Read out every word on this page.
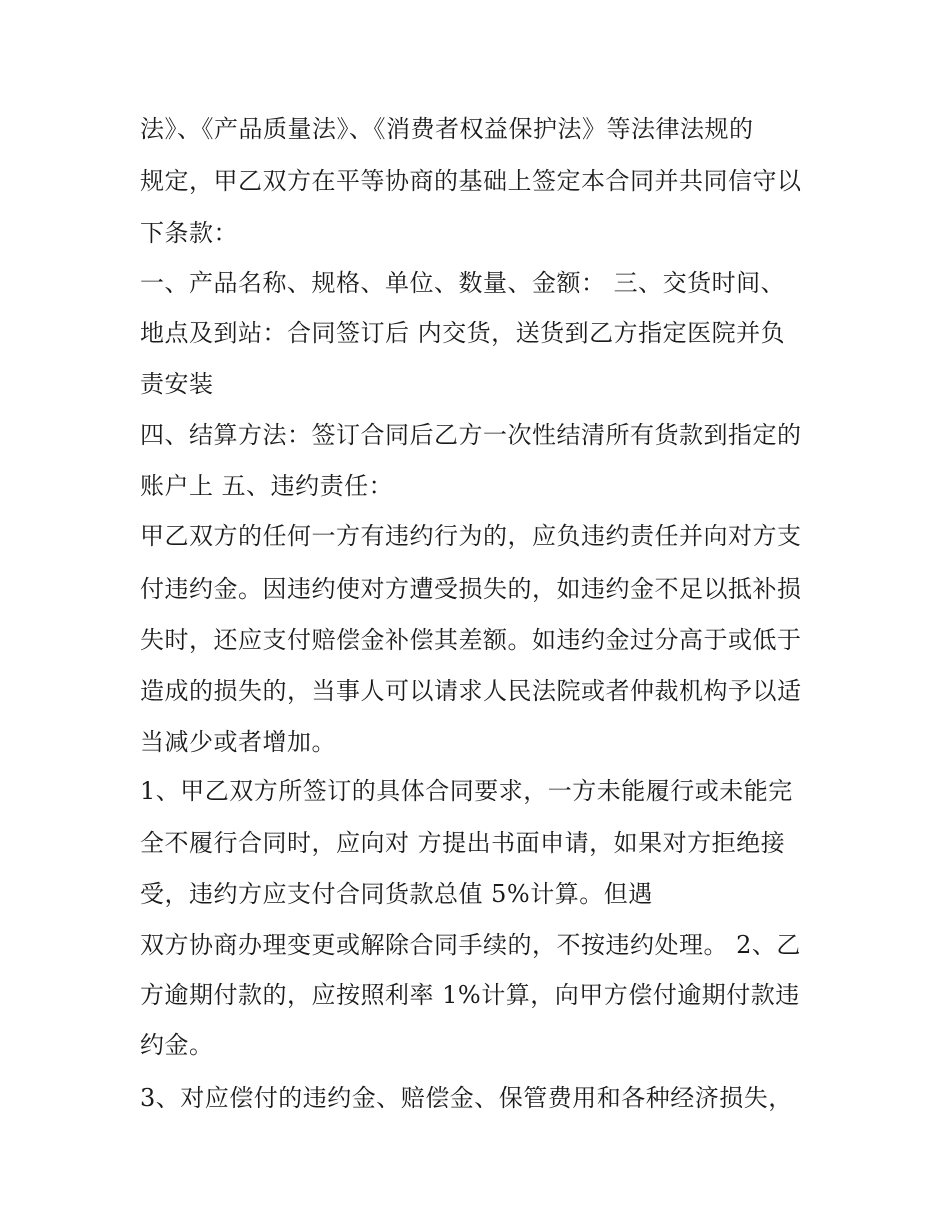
法》、《产品质量法》、《消费者权益保护法》等法律法规的
规定，甲乙双方在平等协商的基础上签定本合同并共同信守以
下条款：
一、产品名称、规格、单位、数量、金额： 三、交货时间、
地点及到站：合同签订后 内交货，送货到乙方指定医院并负
责安装
四、结算方法：签订合同后乙方一次性结清所有货款到指定的
账户上 五、违约责任：
甲乙双方的任何一方有违约行为的，应负违约责任并向对方支
付违约金。因违约使对方遭受损失的，如违约金不足以抵补损
失时，还应支付赔偿金补偿其差额。如违约金过分高于或低于
造成的损失的，当事人可以请求人民法院或者仲裁机构予以适
当减少或者增加。
1、甲乙双方所签订的具体合同要求，一方未能履行或未能完
全不履行合同时，应向对 方提出书面申请，如果对方拒绝接
受，违约方应支付合同货款总值 5%计算。但遇
双方协商办理变更或解除合同手续的，不按违约处理。 2、乙
方逾期付款的，应按照利率 1%计算，向甲方偿付逾期付款违
约金。
3、对应偿付的违约金、赔偿金、保管费用和各种经济损失，
